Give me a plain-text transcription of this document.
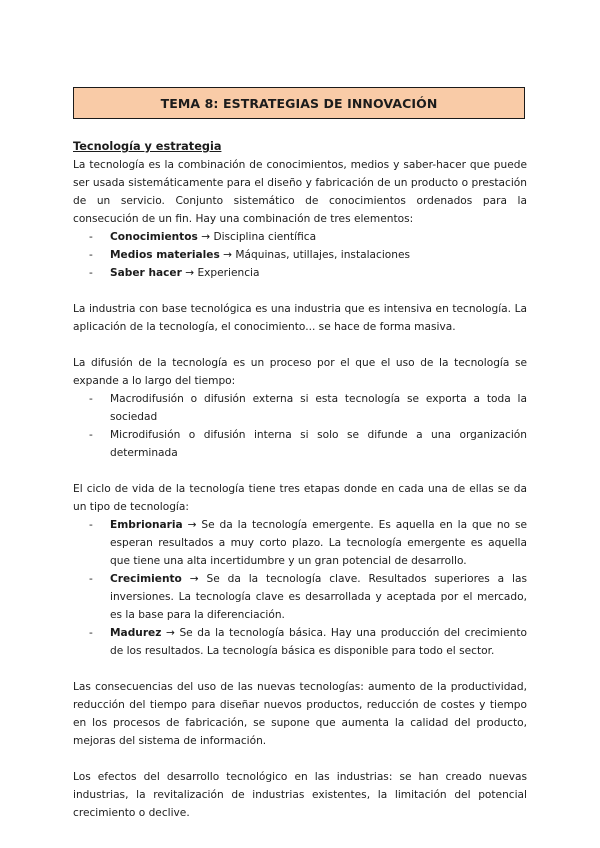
TEMA 8: ESTRATEGIAS DE INNOVACIÓN
Tecnología y estrategia

La tecnología es la combinación de conocimientos, medios y saber-hacer que puede ser usada sistemáticamente para el diseño y fabricación de un producto o prestación de un servicio. Conjunto sistemático de conocimientos ordenados para la consecución de un fin. Hay una combinación de tres elementos:

- Conocimientos → Disciplina científica
- Medios materiales → Máquinas, utillajes, instalaciones
- Saber hacer → Experiencia

La industria con base tecnológica es una industria que es intensiva en tecnología. La aplicación de la tecnología, el conocimiento... se hace de forma masiva.

La difusión de la tecnología es un proceso por el que el uso de la tecnología se expande a lo largo del tiempo:

- Macrodifusión o difusión externa si esta tecnología se exporta a toda la sociedad
- Microdifusión o difusión interna si solo se difunde a una organización determinada

El ciclo de vida de la tecnología tiene tres etapas donde en cada una de ellas se da un tipo de tecnología:

- Embrionaria → Se da la tecnología emergente. Es aquella en la que no se esperan resultados a muy corto plazo. La tecnología emergente es aquella que tiene una alta incertidumbre y un gran potencial de desarrollo.
- Crecimiento → Se da la tecnología clave. Resultados superiores a las inversiones. La tecnología clave es desarrollada y aceptada por el mercado, es la base para la diferenciación.
- Madurez → Se da la tecnología básica. Hay una producción del crecimiento de los resultados. La tecnología básica es disponible para todo el sector.

Las consecuencias del uso de las nuevas tecnologías: aumento de la productividad, reducción del tiempo para diseñar nuevos productos, reducción de costes y tiempo en los procesos de fabricación, se supone que aumenta la calidad del producto, mejoras del sistema de información.

Los efectos del desarrollo tecnológico en las industrias: se han creado nuevas industrias, la revitalización de industrias existentes, la limitación del potencial crecimiento o declive.
